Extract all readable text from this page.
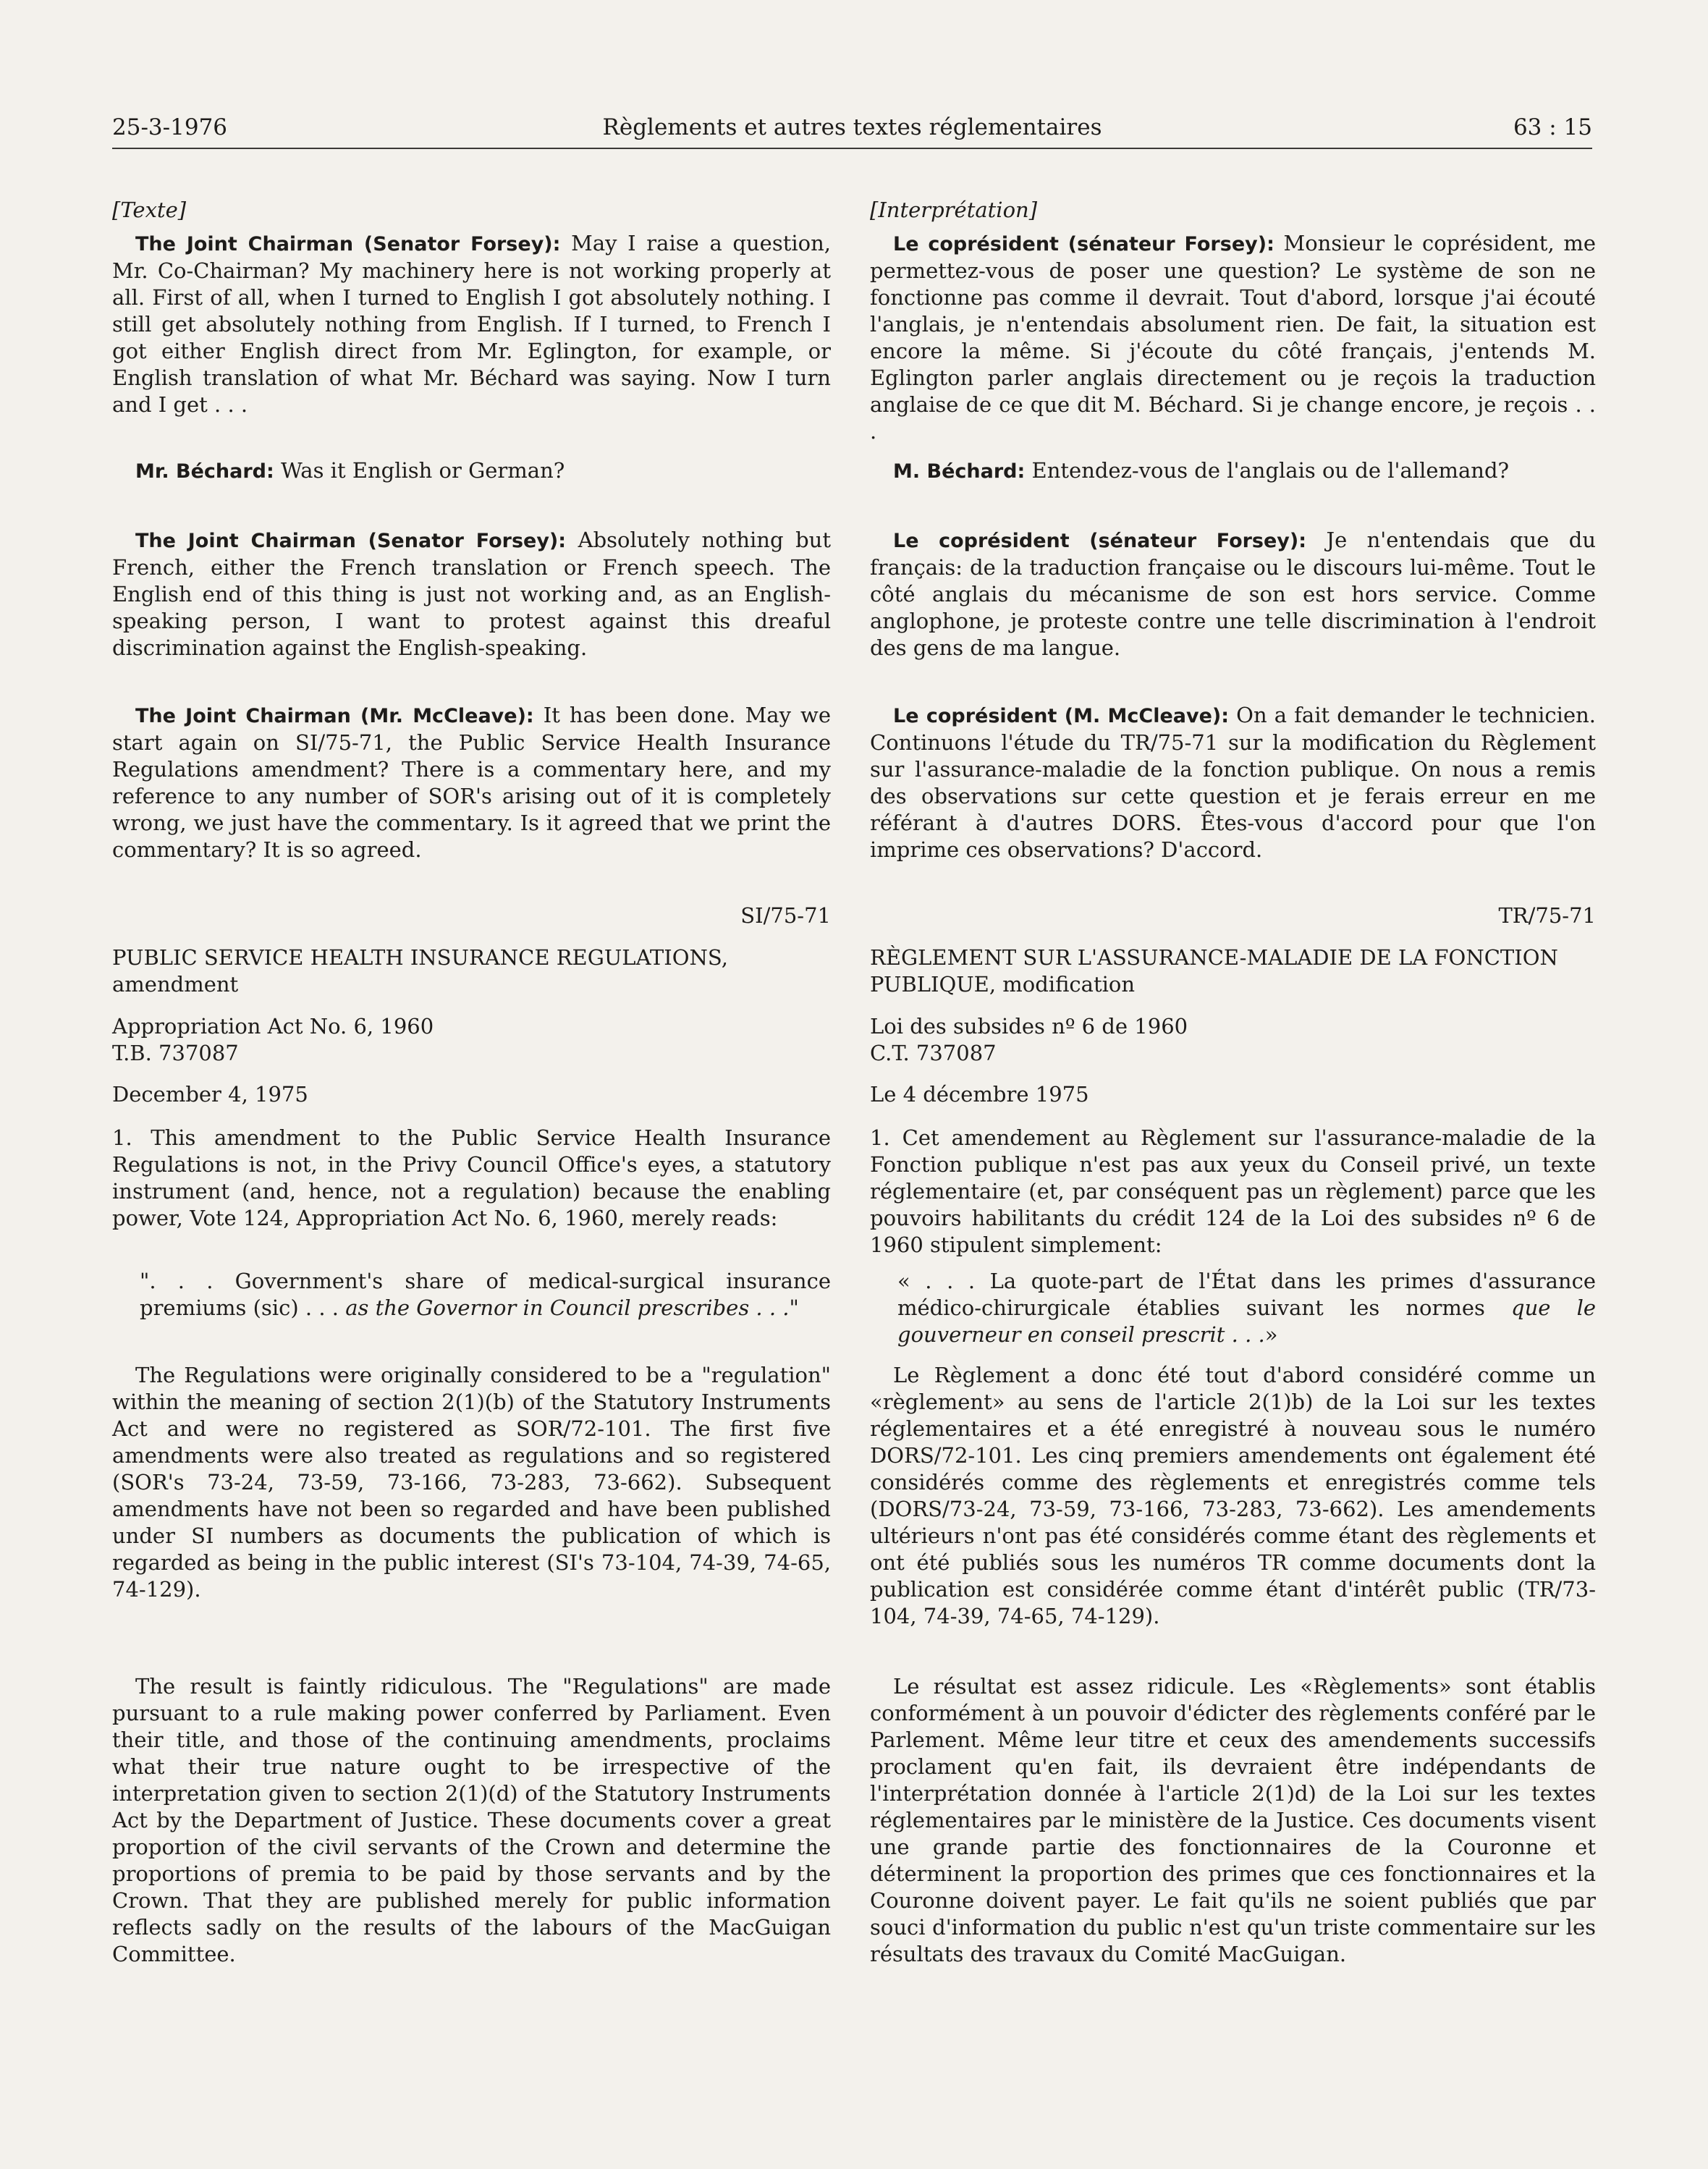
25-3-1976	Règlements et autres textes réglementaires	63 : 15
[Texte]

The Joint Chairman (Senator Forsey): May I raise a question, Mr. Co-Chairman? My machinery here is not working properly at all. First of all, when I turned to English I got absolutely nothing. I still get absolutely nothing from English. If I turned, to French I got either English direct from Mr. Eglington, for example, or English translation of what Mr. Béchard was saying. Now I turn and I get . . .

Mr. Béchard: Was it English or German?

The Joint Chairman (Senator Forsey): Absolutely nothing but French, either the French translation or French speech. The English end of this thing is just not working and, as an English-speaking person, I want to protest against this dreaful discrimination against the English-speaking.

The Joint Chairman (Mr. McCleave): It has been done. May we start again on SI/75-71, the Public Service Health Insurance Regulations amendment? There is a commentary here, and my reference to any number of SOR's arising out of it is completely wrong, we just have the commentary. Is it agreed that we print the commentary? It is so agreed.

SI/75-71
PUBLIC SERVICE HEALTH INSURANCE REGULATIONS, amendment
Appropriation Act No. 6, 1960
T.B. 737087
December 4, 1975

1. This amendment to the Public Service Health Insurance Regulations is not, in the Privy Council Office's eyes, a statutory instrument (and, hence, not a regulation) because the enabling power, Vote 124, Appropriation Act No. 6, 1960, merely reads:

". . . Government's share of medical-surgical insurance premiums (sic) . . . as the Governor in Council prescribes . . ."

The Regulations were originally considered to be a "regulation" within the meaning of section 2(1)(b) of the Statutory Instruments Act and were no registered as SOR/72-101. The first five amendments were also treated as regulations and so registered (SOR's 73-24, 73-59, 73-166, 73-283, 73-662). Subsequent amendments have not been so regarded and have been published under SI numbers as documents the publication of which is regarded as being in the public interest (SI's 73-104, 74-39, 74-65, 74-129).

The result is faintly ridiculous. The "Regulations" are made pursuant to a rule making power conferred by Parliament. Even their title, and those of the continuing amendments, proclaims what their true nature ought to be irrespective of the interpretation given to section 2(1)(d) of the Statutory Instruments Act by the Department of Justice. These documents cover a great proportion of the civil servants of the Crown and determine the proportions of premia to be paid by those servants and by the Crown. That they are published merely for public information reflects sadly on the results of the labours of the MacGuigan Committee.

[Interprétation]

Le coprésident (sénateur Forsey): Monsieur le coprésident, me permettez-vous de poser une question? Le système de son ne fonctionne pas comme il devrait. Tout d'abord, lorsque j'ai écouté l'anglais, je n'entendais absolument rien. De fait, la situation est encore la même. Si j'écoute du côté français, j'entends M. Eglington parler anglais directement ou je reçois la traduction anglaise de ce que dit M. Béchard. Si je change encore, je reçois . . .

M. Béchard: Entendez-vous de l'anglais ou de l'allemand?

Le coprésident (sénateur Forsey): Je n'entendais que du français: de la traduction française ou le discours lui-même. Tout le côté anglais du mécanisme de son est hors service. Comme anglophone, je proteste contre une telle discrimination à l'endroit des gens de ma langue.

Le coprésident (M. McCleave): On a fait demander le technicien. Continuons l'étude du TR/75-71 sur la modification du Règlement sur l'assurance-maladie de la fonction publique. On nous a remis des observations sur cette question et je ferais erreur en me référant à d'autres DORS. Êtes-vous d'accord pour que l'on imprime ces observations? D'accord.

TR/75-71
RÈGLEMENT SUR L'ASSURANCE-MALADIE DE LA FONCTION PUBLIQUE, modification
Loi des subsides nº 6 de 1960
C.T. 737087
Le 4 décembre 1975

1. Cet amendement au Règlement sur l'assurance-maladie de la Fonction publique n'est pas aux yeux du Conseil privé, un texte réglementaire (et, par conséquent pas un règlement) parce que les pouvoirs habilitants du crédit 124 de la Loi des subsides nº 6 de 1960 stipulent simplement:

« . . . La quote-part de l'État dans les primes d'assurance médico-chirurgicale établies suivant les normes que le gouverneur en conseil prescrit . . .»

Le Règlement a donc été tout d'abord considéré comme un «règlement» au sens de l'article 2(1)b) de la Loi sur les textes réglementaires et a été enregistré à nouveau sous le numéro DORS/72-101. Les cinq premiers amendements ont également été considérés comme des règlements et enregistrés comme tels (DORS/73-24, 73-59, 73-166, 73-283, 73-662). Les amendements ultérieurs n'ont pas été considérés comme étant des règlements et ont été publiés sous les numéros TR comme documents dont la publication est considérée comme étant d'intérêt public (TR/73-104, 74-39, 74-65, 74-129).

Le résultat est assez ridicule. Les «Règlements» sont établis conformément à un pouvoir d'édicter des règlements conféré par le Parlement. Même leur titre et ceux des amendements successifs proclament qu'en fait, ils devraient être indépendants de l'interprétation donnée à l'article 2(1)d) de la Loi sur les textes réglementaires par le ministère de la Justice. Ces documents visent une grande partie des fonctionnaires de la Couronne et déterminent la proportion des primes que ces fonctionnaires et la Couronne doivent payer. Le fait qu'ils ne soient publiés que par souci d'information du public n'est qu'un triste commentaire sur les résultats des travaux du Comité MacGuigan.
